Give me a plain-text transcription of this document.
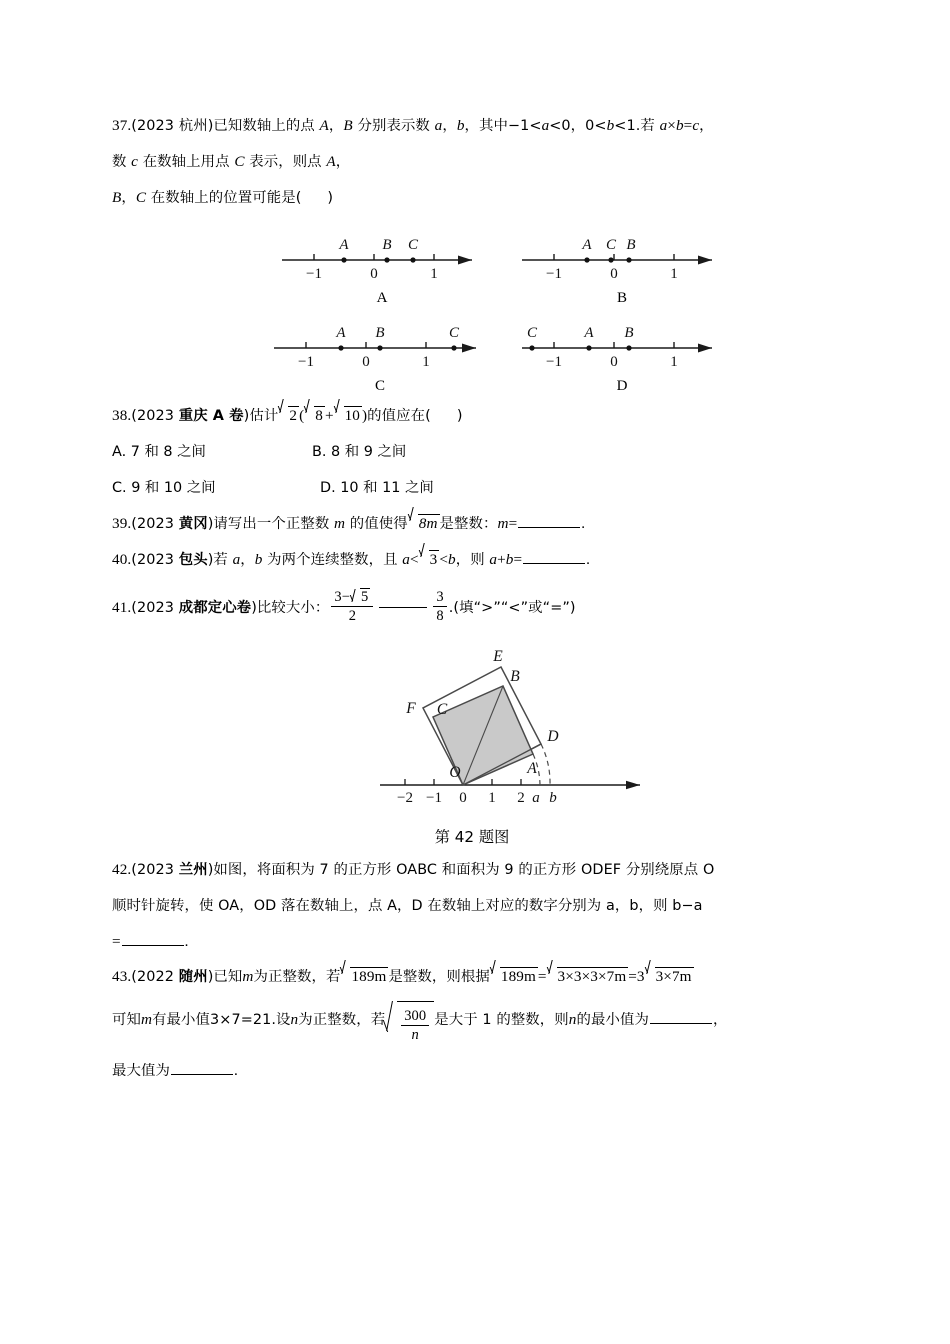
37.(2023 杭州)已知数轴上的点 A，B 分别表示数 a，b，其中−1<a<0，0<b<1.若 a×b=c，
数 c 在数轴上用点 C 表示，则点 A，
B，C 在数轴上的位置可能是( )
−1	0	1
A B C
A
−1	0	1
A C B
B
−1	0	1
A B	C
C
−1	0	1
C	A B
D
38.(2023 重庆 A 卷)估计 2 ( 8 + 10 )的值应在( )
A. 7 和 8 之间	B. 8 和 9 之间
C. 9 和 10 之间	D. 10 和 11 之间
39.(2023 黄冈)请写出一个正整数 m 的值使得 8m 是整数：m=	.
40.(2023 包头)若 a，b 为两个连续整数，且 a< 3 <b，则 a+b=	.
41.(2023 成都定心卷)比较大小： $\frac{3- 5}{2}$	$\frac{3}{8}$ .(填“>”“<”或“=”)
−2 −1 0 1 2 a b
E
B
F C
D
O	A
第 42 题图
42.(2023 兰州)如图，将面积为 7 的正方形 OABC 和面积为 9 的正方形 ODEF 分别绕原点 O
顺时针旋转，使 OA，OD 落在数轴上，点 A，D 在数轴上对应的数字分别为 a，b，则 b−a
=	.
43.(2022 随州)已知m为正整数，若 189m 是整数，则根据 189m = 3×3×3×7m =3 3×7m
可知m有最小值3×7=21.设n为正整数，若 $\frac{300}{n}$ 是大于 1 的整数，则n的最小值为	，
最大值为	.
